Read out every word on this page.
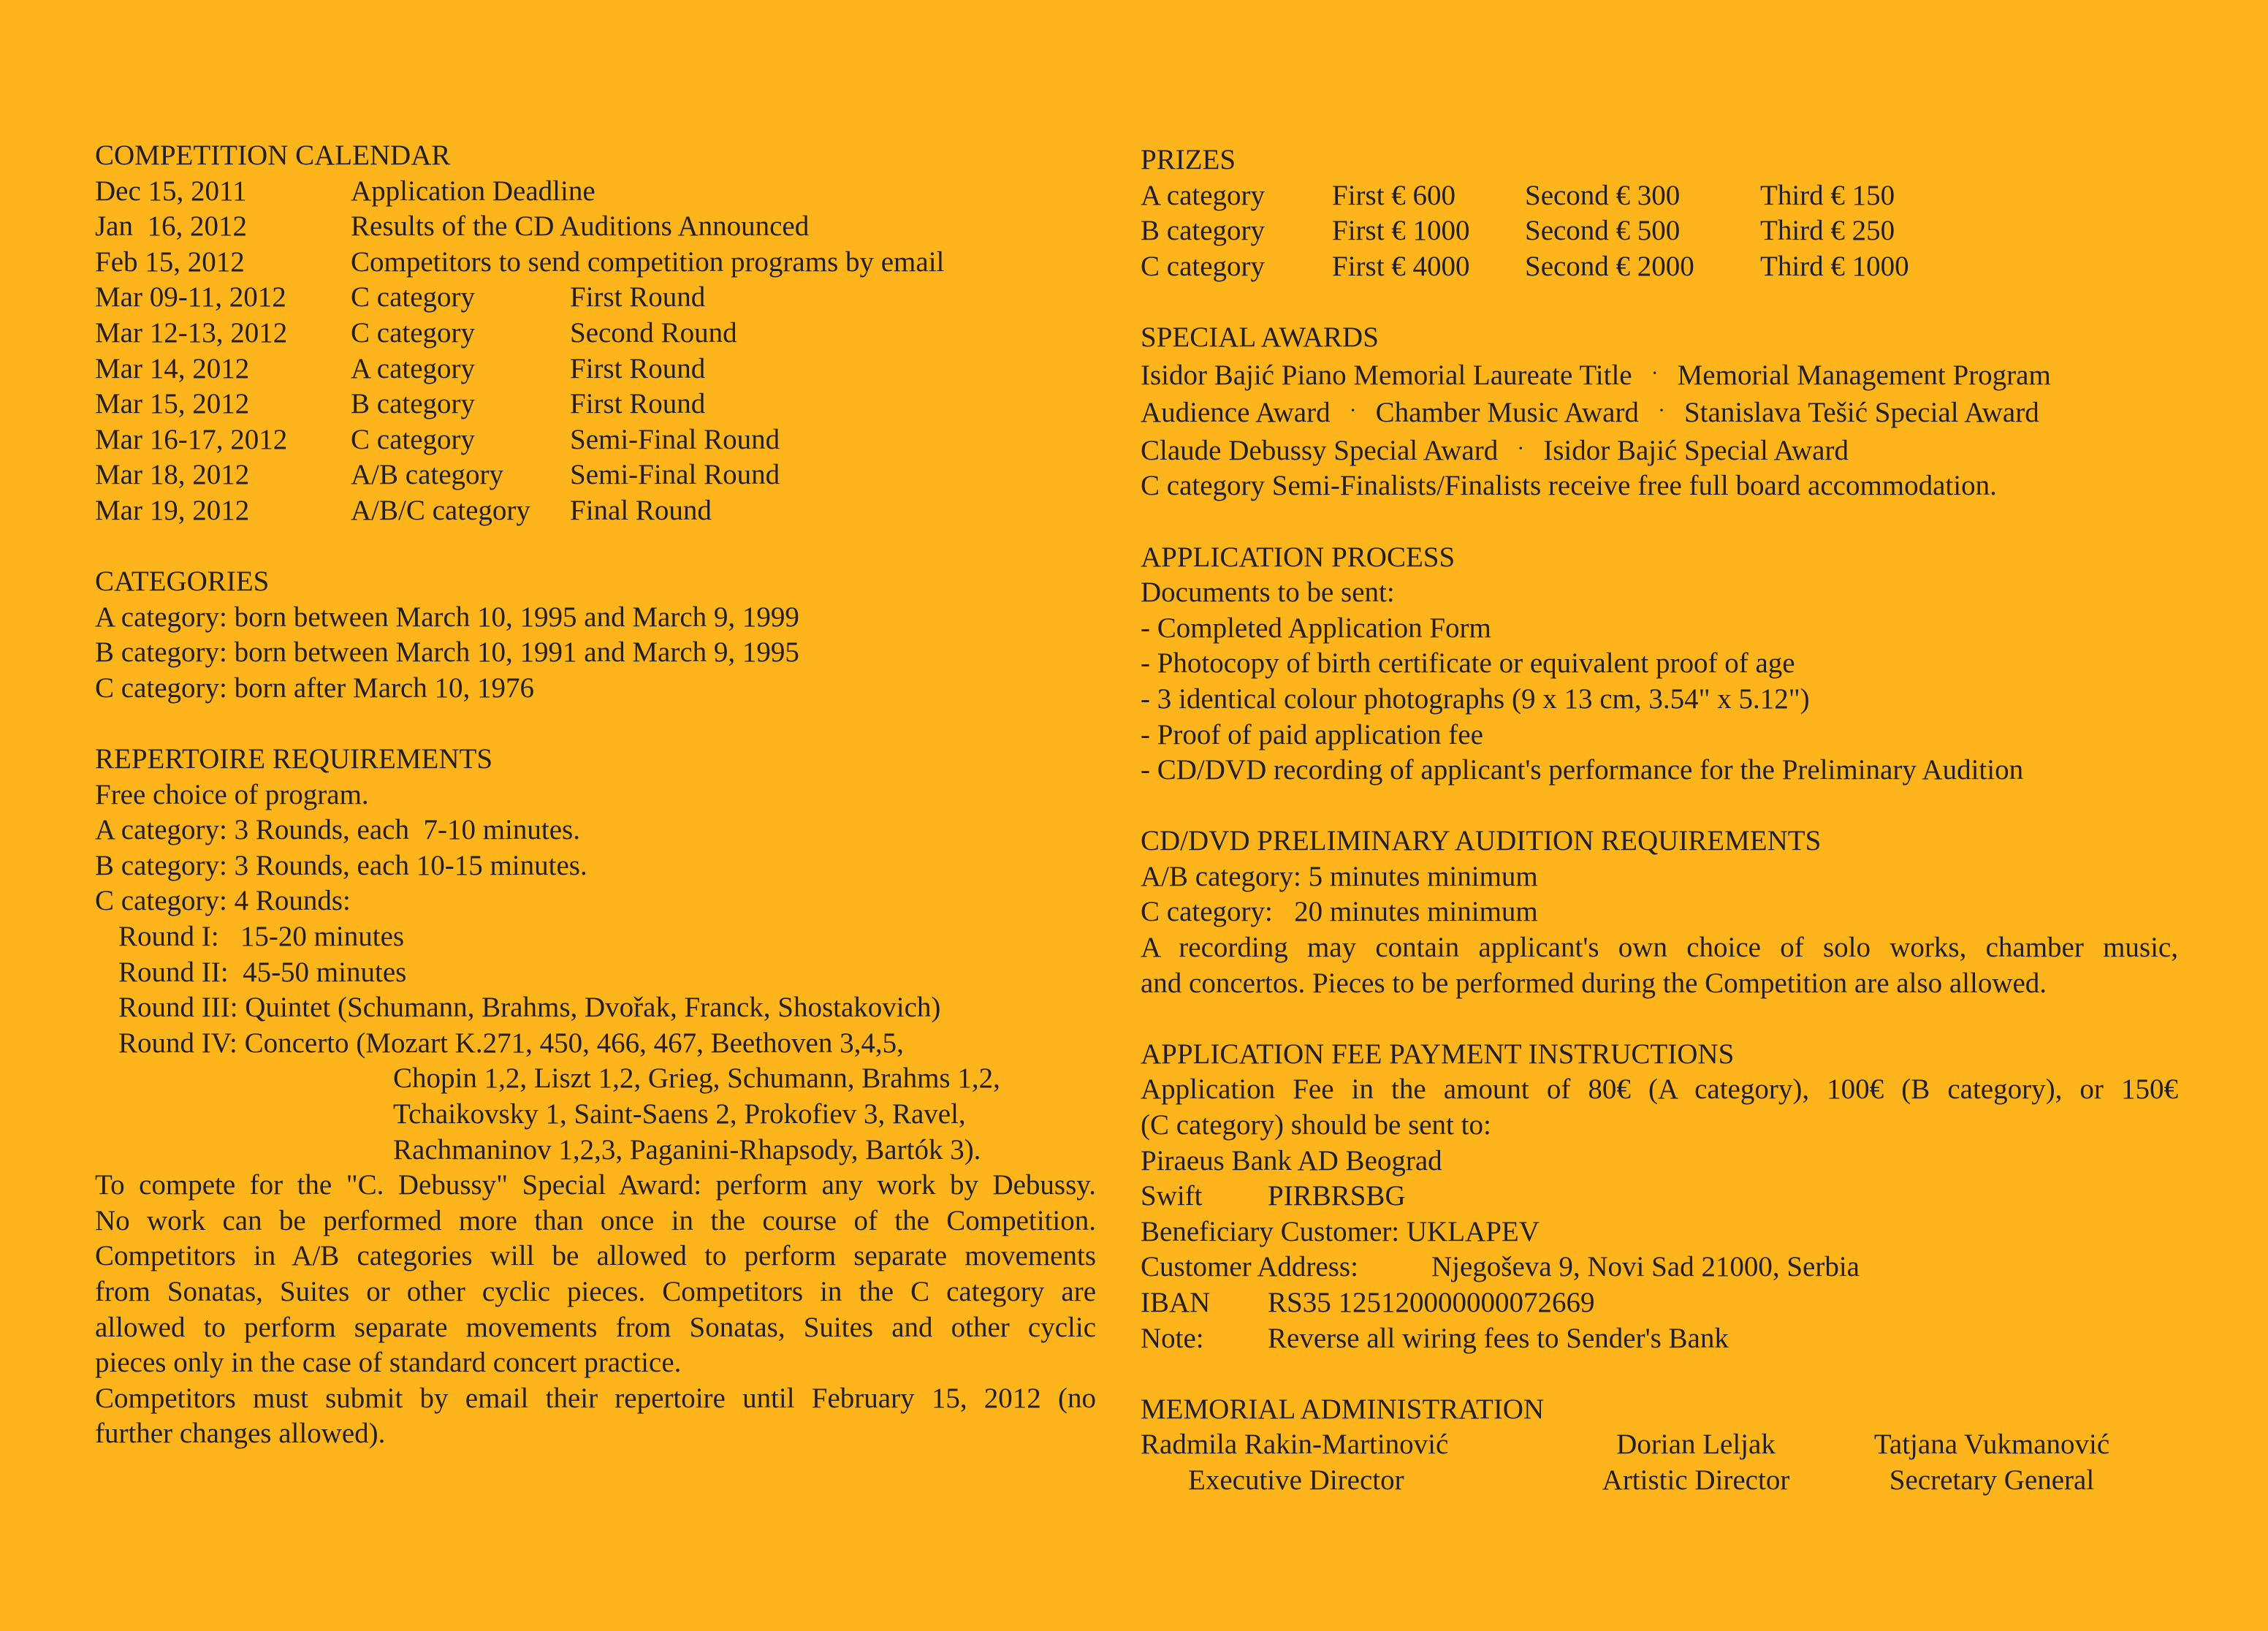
COMPETITION CALENDAR
Dec 15, 2011	Application Deadline
Jan  16, 2012	Results of the CD Auditions Announced
Feb 15, 2012	Competitors to send competition programs by email
Mar 09-11, 2012	C category	First Round
Mar 12-13, 2012	C category	Second Round
Mar 14, 2012	A category	First Round
Mar 15, 2012	B category	First Round
Mar 16-17, 2012	C category	Semi-Final Round
Mar 18, 2012	A/B category	Semi-Final Round
Mar 19, 2012	A/B/C category	Final Round
CATEGORIES
A category: born between March 10, 1995 and March 9, 1999
B category: born between March 10, 1991 and March 9, 1995
C category: born after March 10, 1976
REPERTOIRE REQUIREMENTS
Free choice of program.
A category: 3 Rounds, each  7-10 minutes.
B category: 3 Rounds, each 10-15 minutes.
C category: 4 Rounds:
Round I:   15-20 minutes
Round II:  45-50 minutes
Round III: Quintet (Schumann, Brahms, Dvořak, Franck, Shostakovich)
Round IV: Concerto (Mozart K.271, 450, 466, 467, Beethoven 3,4,5,
Chopin 1,2, Liszt 1,2, Grieg, Schumann, Brahms 1,2,
Tchaikovsky 1, Saint-Saens 2, Prokofiev 3, Ravel,
Rachmaninov 1,2,3, Paganini-Rhapsody, Bartók 3).
To compete for the "C. Debussy" Special Award: perform any work by Debussy.
No work can be performed more than once in the course of the Competition.
Competitors in A/B categories will be allowed to perform separate movements
from Sonatas, Suites or other cyclic pieces. Competitors in the C category are
allowed to perform separate movements from Sonatas, Suites and other cyclic
pieces only in the case of standard concert practice.
Competitors must submit by email their repertoire until February 15, 2012 (no
further changes allowed).
PRIZES
A category	First € 600	Second € 300	Third € 150
B category	First € 1000	Second € 500	Third € 250
C category	First € 4000	Second € 2000	Third € 1000
SPECIAL AWARDS
Isidor Bajić Piano Memorial Laureate Title · Memorial Management Program
Audience Award · Chamber Music Award · Stanislava Tešić Special Award
Claude Debussy Special Award · Isidor Bajić Special Award
C category Semi-Finalists/Finalists receive free full board accommodation.
APPLICATION PROCESS
Documents to be sent:
- Completed Application Form
- Photocopy of birth certificate or equivalent proof of age
- 3 identical colour photographs (9 x 13 cm, 3.54" x 5.12")
- Proof of paid application fee
- CD/DVD recording of applicant's performance for the Preliminary Audition
CD/DVD PRELIMINARY AUDITION REQUIREMENTS
A/B category: 5 minutes minimum
C category:   20 minutes minimum
A recording may contain applicant's own choice of solo works, chamber music,
and concertos. Pieces to be performed during the Competition are also allowed.
APPLICATION FEE PAYMENT INSTRUCTIONS
Application Fee in the amount of 80€ (A category), 100€ (B category), or 150€
(C category) should be sent to:
Piraeus Bank AD Beograd
Swift	PIRBRSBG
Beneficiary Customer: UKLAPEV
Customer Address:	Njegoševa 9, Novi Sad 21000, Serbia
IBAN	RS35 125120000000072669
Note:	Reverse all wiring fees to Sender's Bank
MEMORIAL ADMINISTRATION
Radmila Rakin-Martinović	Dorian Leljak	Tatjana Vukmanović
Executive Director	Artistic Director	Secretary General
